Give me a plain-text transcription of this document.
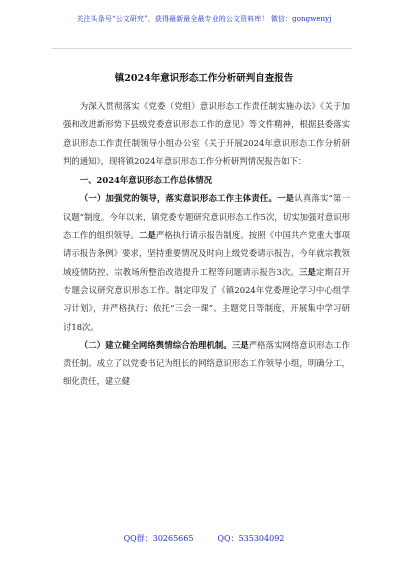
关注头条号“公文研究”，获得最新最全最专业的公文资料库！ 微信：gongwenyj
镇2024年意识形态工作分析研判自查报告

为深入贯彻落实《党委（党组）意识形态工作责任制实施办法》《关于加强和改进新形势下县级党委意识形态工作的意见》等文件精神，根据县委落实意识形态工作责任制领导小组办公室《关于开展2024年意识形态工作分析研判的通知》，现将镇2024年意识形态工作分析研判情况报告如下：

一、2024年意识形态工作总体情况

（一）加强党的领导，落实意识形态工作主体责任。一是认真落实“第一议题”制度。今年以来，镇党委专题研究意识形态工作5次，切实加强对意识形态工作的组织领导。二是严格执行请示报告制度。按照《中国共产党重大事项请示报告条例》要求，坚持重要情况及时向上级党委请示报告，今年就宗教领域疫情防控、宗教场所整治改造提升工程等问题请示报告3次。三是定期召开专题会议研究意识形态工作。制定印发了《镇2024年党委理论学习中心组学习计划》，并严格执行；依托“三会一课”、主题党日等制度，开展集中学习研讨18次。

（二）建立健全网络舆情综合治理机制。三是严格落实网络意识形态工作责任制。成立了以党委书记为组长的网络意识形态工作领导小组，明确分工，细化责任，建立健

QQ群：30265665	QQ：535304092
